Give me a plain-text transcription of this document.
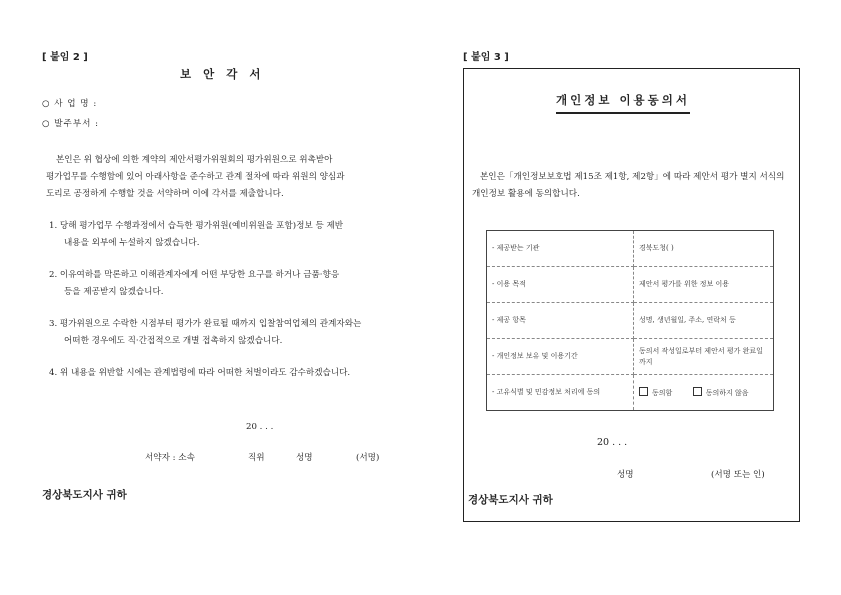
[ 붙임 2 ]
보 안 각 서
○ 사 업 명 :
○ 발주부서 :
본인은 위 협상에 의한 계약의 제안서평가위원회의 평가위원으로 위촉받아
평가업무를 수행함에 있어 아래사항을 준수하고 관계 절차에 따라 위원의 양심과
도리로 공정하게 수행할 것을 서약하며 이에 각서를 제출합니다.
1. 당해 평가업무 수행과정에서 습득한 평가위원(예비위원을 포함)정보 등 제반
내용을 외부에 누설하지 않겠습니다.
2. 이유여하를 막론하고 이해관계자에게 어떤 부당한 요구를 하거나 금품·향응
등을 제공받지 않겠습니다.
3. 평가위원으로 수락한 시점부터 평가가 완료될 때까지 입찰참여업체의 관계자와는
어떠한 경우에도 직·간접적으로 개별 접촉하지 않겠습니다.
4. 위 내용을 위반할 시에는 관계법령에 따라 어떠한 처벌이라도 감수하겠습니다.
20 . . .
서약자 : 소속	직위	성명	(서명)
경상북도지사 귀하
[ 붙임 3 ]
개인정보 이용동의서
본인은「개인정보보호법 제15조 제1항, 제2항」에 따라 제안서 평가 별지 서식의
개인정보 활용에 동의합니다.
- 제공받는 기관	경북도청( )
- 이용 목적	제안서 평가를 위한 정보 이용
- 제공 항목	성명, 생년월일, 주소, 연락처 등
- 개인정보 보유 및 이용기간	동의서 작성일로부터 제안서 평가 완료일 까지
- 고유식별 및 민감정보 처리에 동의	동의함 동의하지 않음
20 . . .
성명	(서명 또는 인)
경상북도지사 귀하
